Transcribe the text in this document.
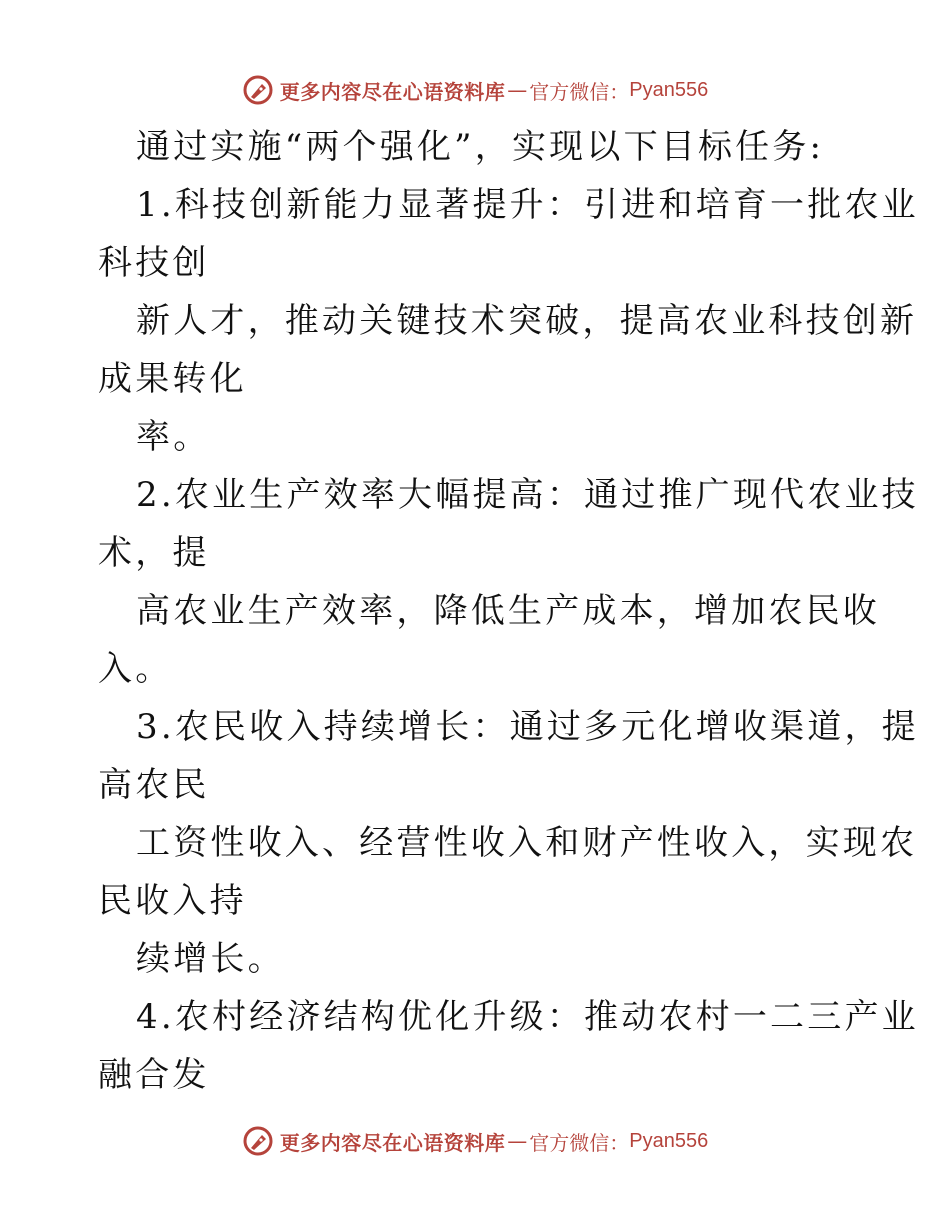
更多内容尽在心语资料库 — 官方微信： Pyan556
通过实施“两个强化”，实现以下目标任务:
1.科技创新能力显著提升：引进和培育一批农业
科技创
新人才，推动关键技术突破，提高农业科技创新
成果转化
率。
2.农业生产效率大幅提高：通过推广现代农业技
术，提
高农业生产效率，降低生产成本，增加农民收
入。
3.农民收入持续增长：通过多元化增收渠道，提
高农民
工资性收入、经营性收入和财产性收入，实现农
民收入持
续增长。
4.农村经济结构优化升级：推动农村一二三产业
融合发
更多内容尽在心语资料库 — 官方微信： Pyan556
